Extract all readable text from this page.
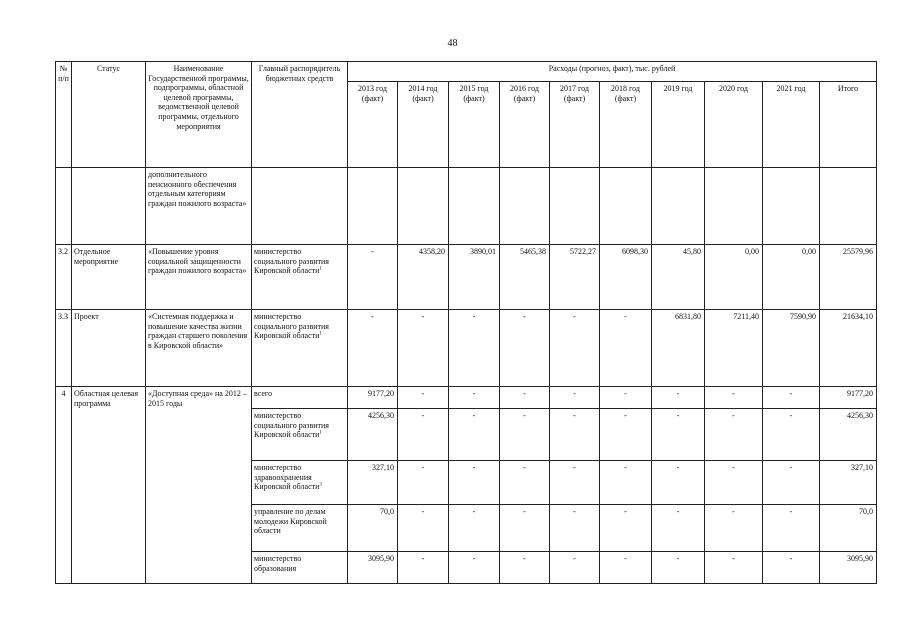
48
№ п/п	Статус	Наименование Государственной программы, подпрограммы, областной целевой программы, ведомственной целевой программы, отдельного мероприятия	Главный распорядитель бюджетных средств	Расходы (прогноз, факт), тыс. рублей									
				2013 год (факт)	2014 год (факт)	2015 год (факт)	2016 год (факт)	2017 год (факт)	2018 год (факт)	2019 год	2020 год	2021 год	Итого
		дополнительного пенсионного обеспечения отдельным категориям граждан пожилого возраста»											
3.2	Отдельное мероприятие	«Повышение уровня социальной защищенности граждан пожилого возраста»	министерство социального развития Кировской области$^1$	-	4358,20	3890,01	5465,38	5722,27	6098,30	45,80	0,00	0,00	25579,96
3.3	Проект	«Системная поддержка и повышение качества жизни граждан старшего поколения в Кировской области»	министерство социального развития Кировской области$^1$	-	-	-	-	-	-	6831,80	7211,40	7590,90	21634,10
4	Областная целевая программа	«Доступная среда» на 2012 – 2015 годы	всего	9177,20	-	-	-	-	-	-	-	-	9177,20
			министерство социального развития Кировской области$^1$	4256,30	-	-	-	-	-	-	-	-	4256,30
			министерство здравоохранения Кировской области$^3$	327,10	-	-	-	-	-	-	-	-	327,10
			управление по делам молодежи Кировской области	70,0	-	-	-	-	-	-	-	-	70,0
			министерство образования	3095,90	-	-	-	-	-	-	-	-	3095,90
